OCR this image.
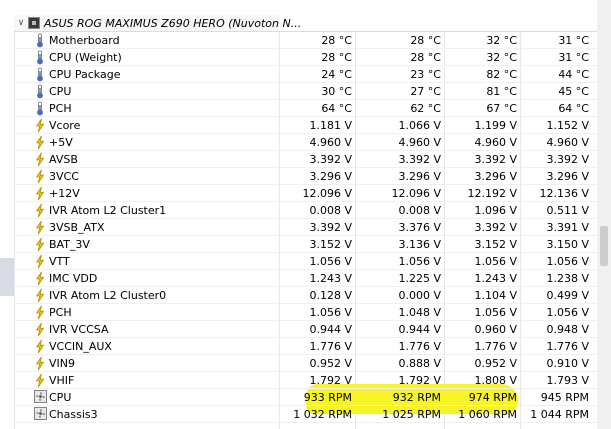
∨ ASUS ROG MAXIMUS Z690 HERO (Nuvoton N...
Motherboard	28 °C	28 °C	32 °C	31 °C
CPU (Weight)	28 °C	28 °C	32 °C	31 °C
CPU Package	24 °C	23 °C	82 °C	44 °C
CPU	30 °C	27 °C	81 °C	45 °C
PCH	64 °C	62 °C	67 °C	64 °C
Vcore	1.181 V	1.066 V	1.199 V	1.152 V
+5V	4.960 V	4.960 V	4.960 V	4.960 V
AVSB	3.392 V	3.392 V	3.392 V	3.392 V
3VCC	3.296 V	3.296 V	3.296 V	3.296 V
+12V	12.096 V	12.096 V	12.192 V	12.136 V
IVR Atom L2 Cluster1	0.008 V	0.008 V	1.096 V	0.511 V
3VSB_ATX	3.392 V	3.376 V	3.392 V	3.391 V
BAT_3V	3.152 V	3.136 V	3.152 V	3.150 V
VTT	1.056 V	1.056 V	1.056 V	1.056 V
IMC VDD	1.243 V	1.225 V	1.243 V	1.238 V
IVR Atom L2 Cluster0	0.128 V	0.000 V	1.104 V	0.499 V
PCH	1.056 V	1.048 V	1.056 V	1.056 V
IVR VCCSA	0.944 V	0.944 V	0.960 V	0.948 V
VCCIN_AUX	1.776 V	1.776 V	1.776 V	1.776 V
VIN9	0.952 V	0.888 V	0.952 V	0.910 V
VHIF	1.792 V	1.792 V	1.808 V	1.793 V
CPU	933 RPM	932 RPM	974 RPM	945 RPM
Chassis3	1 032 RPM	1 025 RPM	1 060 RPM	1 044 RPM
